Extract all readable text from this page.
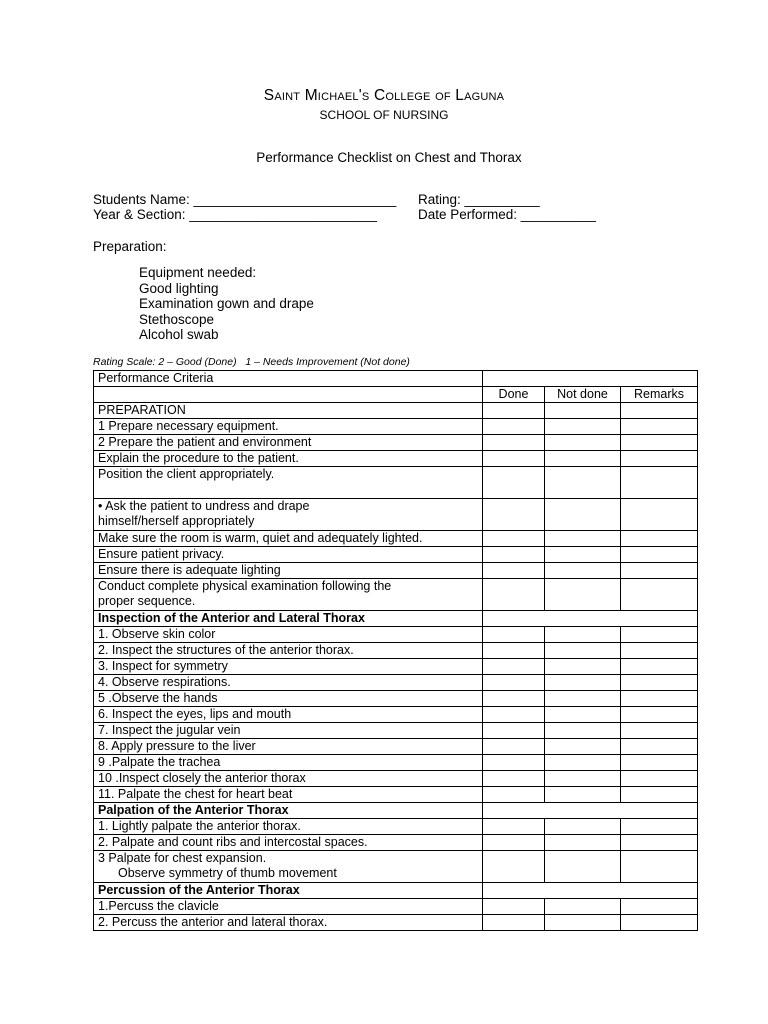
Saint Michael's College of Laguna
SCHOOL OF NURSING
Performance Checklist on Chest and Thorax
Students Name: ___________________________ Rating: __________
Year & Section: _________________________	Date Performed: __________
Preparation:
Equipment needed:
Good lighting
Examination gown and drape
Stethoscope
Alcohol swab
Rating Scale: 2 – Good (Done)   1 – Needs Improvement (Not done)
Performance Criteria			
	Done	Not done	Remarks
PREPARATION			
1 Prepare necessary equipment.			
2 Prepare the patient and environment			
Explain the procedure to the patient.			
Position the client appropriately.			
• Ask the patient to undress and drape
himself/herself appropriately			
Make sure the room is warm, quiet and adequately lighted.			
Ensure patient privacy.			
Ensure there is adequate lighting			
Conduct complete physical examination following the
proper sequence.			
Inspection of the Anterior and Lateral Thorax			
1. Observe skin color			
2. Inspect the structures of the anterior thorax.			
3. Inspect for symmetry			
4. Observe respirations.			
5 .Observe the hands			
6. Inspect the eyes, lips and mouth			
7. Inspect the jugular vein			
8. Apply pressure to the liver			
9 .Palpate the trachea			
10 .Inspect closely the anterior thorax			
11. Palpate the chest for heart beat			
Palpation of the Anterior Thorax			
1. Lightly palpate the anterior thorax.			
2. Palpate and count ribs and intercostal spaces.			

3 Palpate for chest expansion.
Observe symmetry of thumb movement			
Percussion of the Anterior Thorax			
1.Percuss the clavicle			
2. Percuss the anterior and lateral thorax.			
